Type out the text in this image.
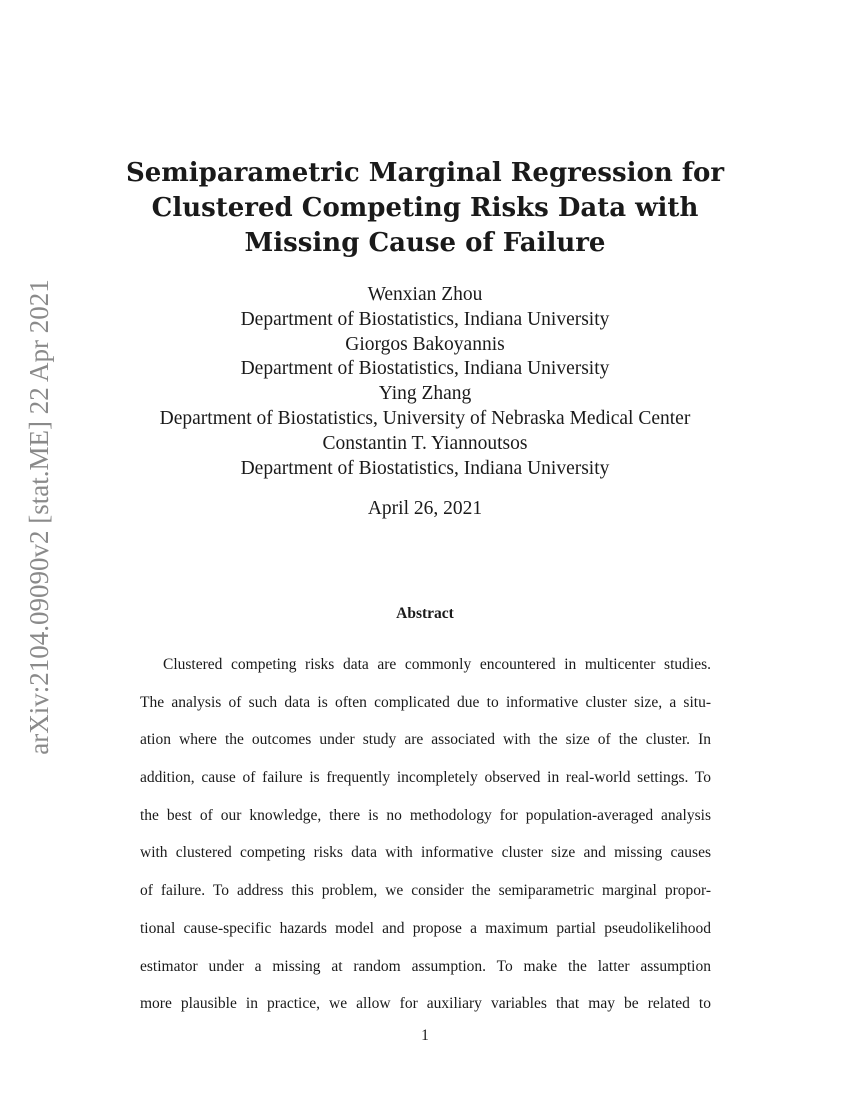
arXiv:2104.09090v2 [stat.ME] 22 Apr 2021
Semiparametric Marginal Regression for
Clustered Competing Risks Data with
Missing Cause of Failure
Wenxian Zhou
Department of Biostatistics, Indiana University
Giorgos Bakoyannis
Department of Biostatistics, Indiana University
Ying Zhang
Department of Biostatistics, University of Nebraska Medical Center
Constantin T. Yiannoutsos
Department of Biostatistics, Indiana University
April 26, 2021
Abstract
Clustered competing risks data are commonly encountered in multicenter studies.
The analysis of such data is often complicated due to informative cluster size, a situ-
ation where the outcomes under study are associated with the size of the cluster. In
addition, cause of failure is frequently incompletely observed in real-world settings. To
the best of our knowledge, there is no methodology for population-averaged analysis
with clustered competing risks data with informative cluster size and missing causes
of failure. To address this problem, we consider the semiparametric marginal propor-
tional cause-specific hazards model and propose a maximum partial pseudolikelihood
estimator under a missing at random assumption. To make the latter assumption
more plausible in practice, we allow for auxiliary variables that may be related to
1
